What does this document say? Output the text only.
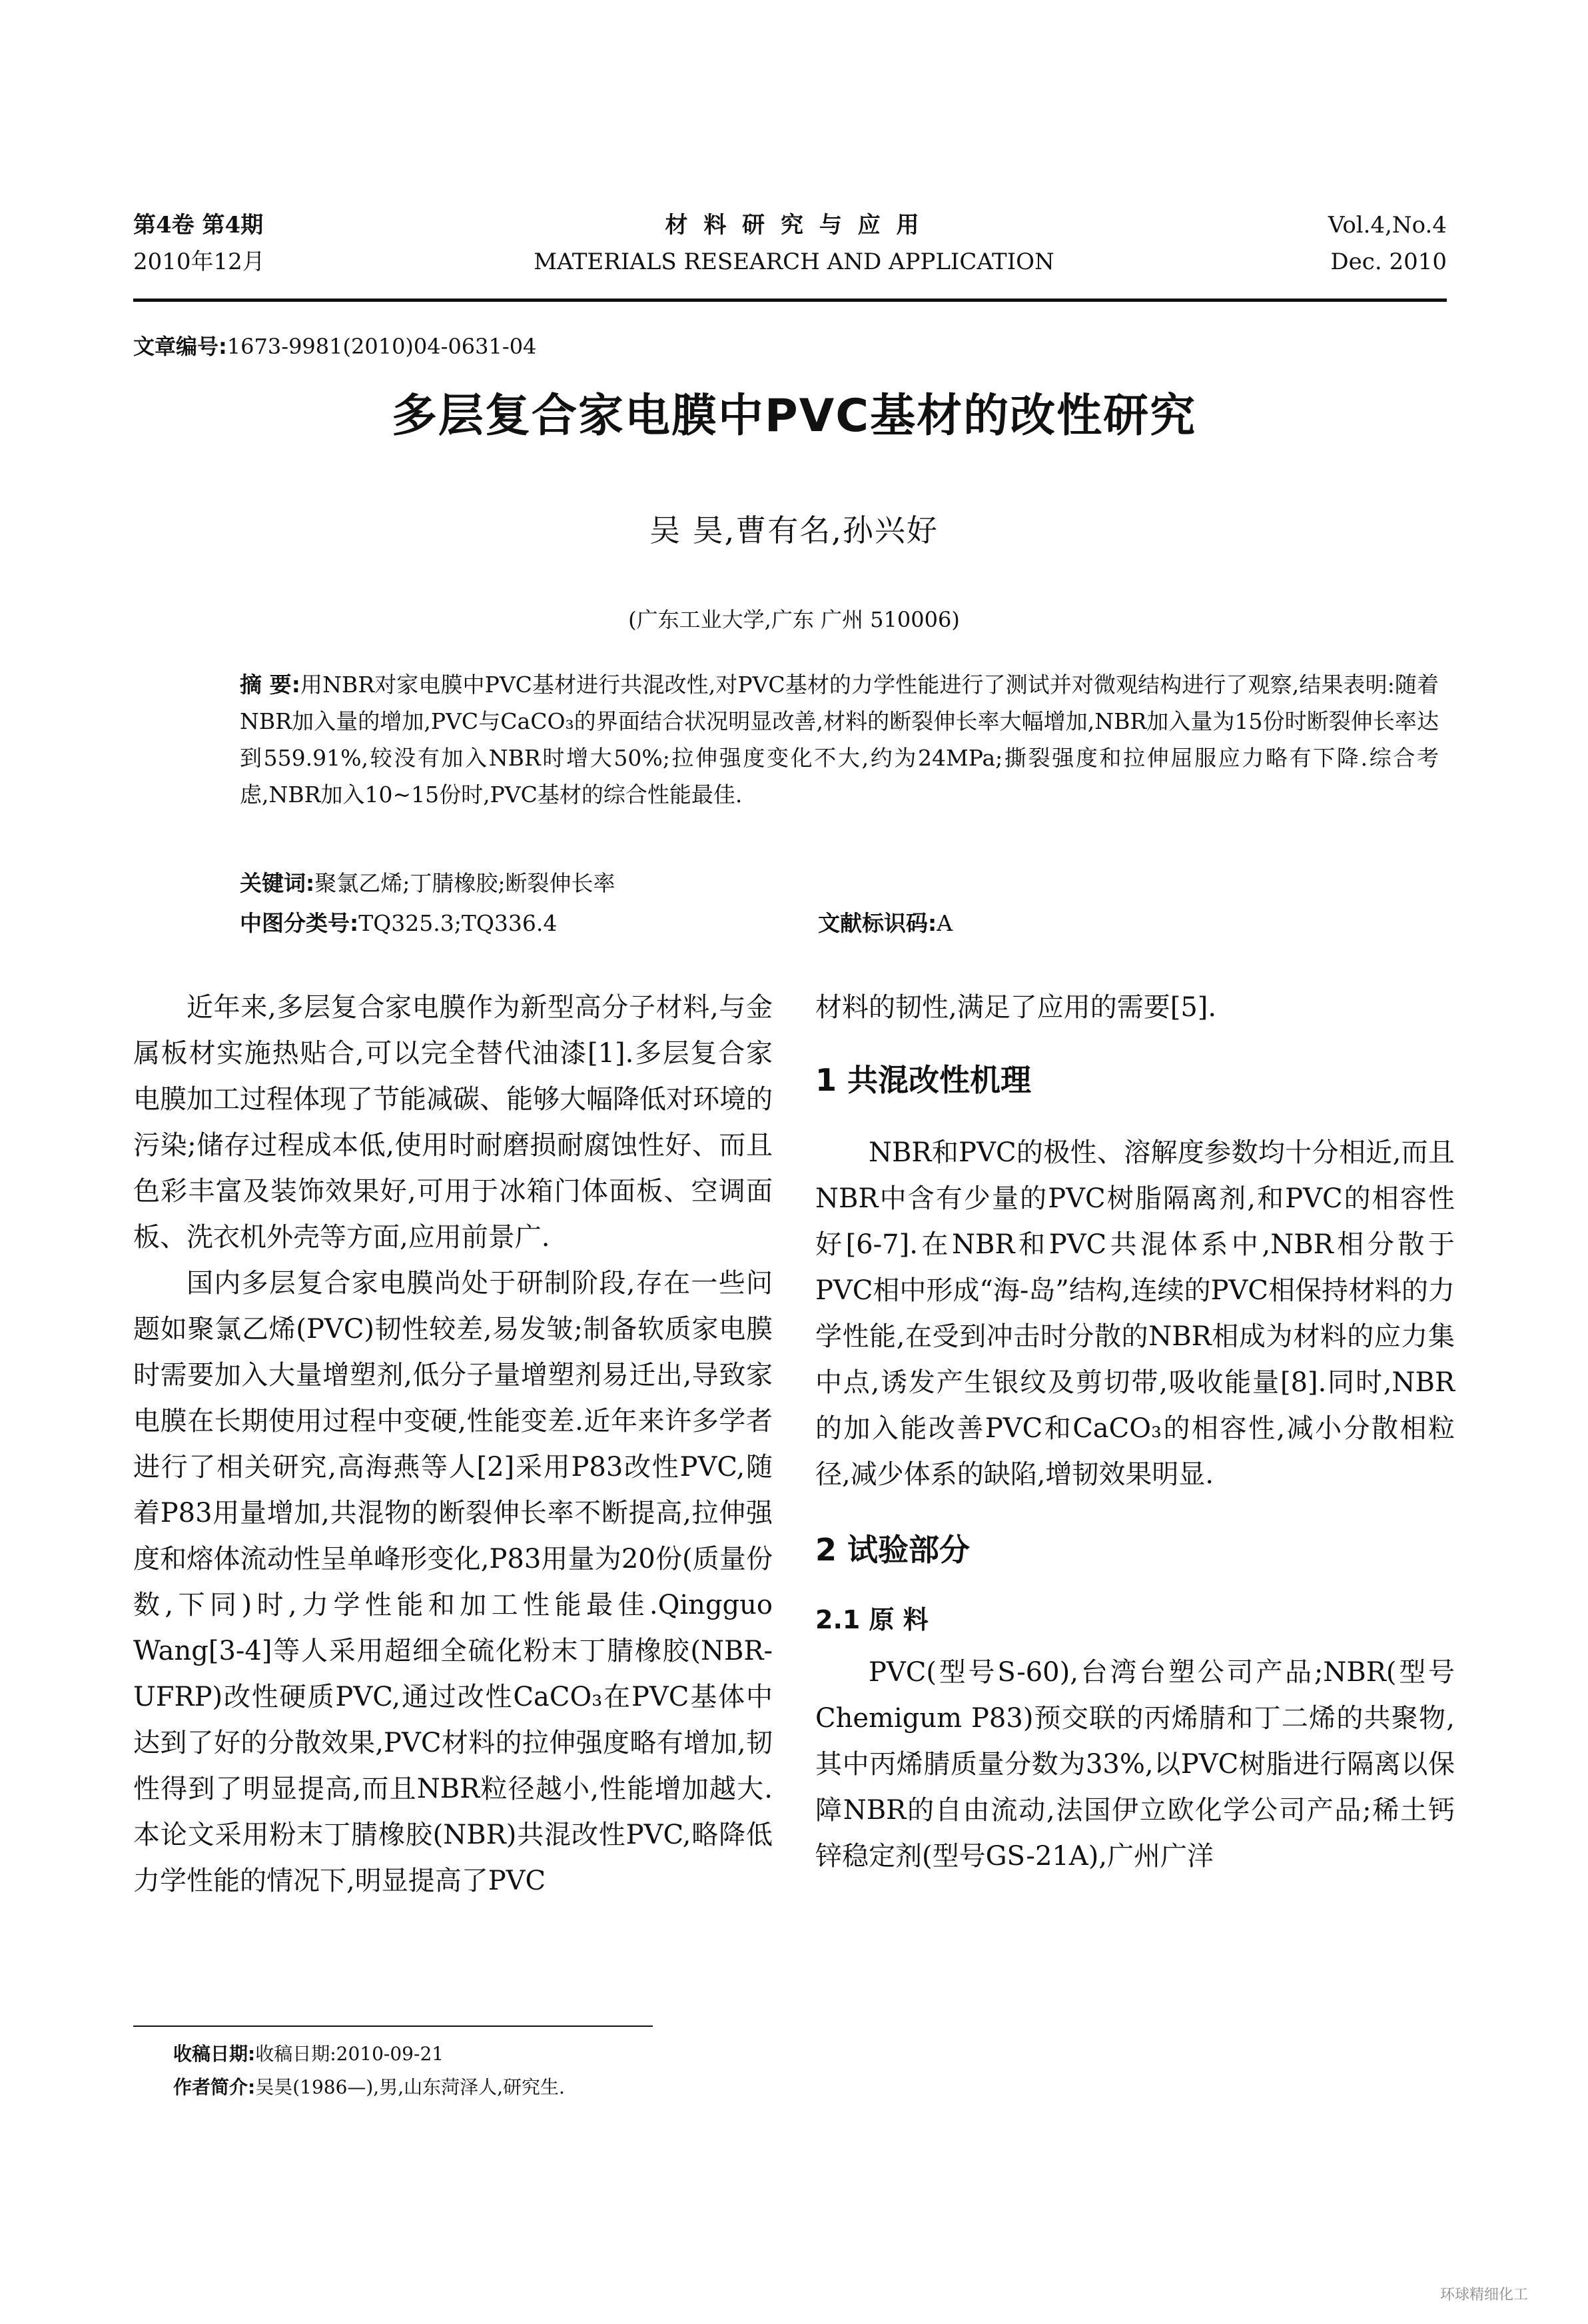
第4卷 第4期
2010年12月
材 料 研 究 与 应 用
MATERIALS RESEARCH AND APPLICATION
Vol.4,No.4
Dec. 2010
文章编号:1673-9981(2010)04-0631-04
多层复合家电膜中PVC基材的改性研究
吴 昊,曹有名,孙兴好
(广东工业大学,广东 广州 510006)
摘 要:用NBR对家电膜中PVC基材进行共混改性,对PVC基材的力学性能进行了测试并对微观结构进行了观察,结果表明:随着NBR加入量的增加,PVC与CaCO₃的界面结合状况明显改善,材料的断裂伸长率大幅增加,NBR加入量为15份时断裂伸长率达到559.91%,较没有加入NBR时增大50%;拉伸强度变化不大,约为24MPa;撕裂强度和拉伸屈服应力略有下降.综合考虑,NBR加入10~15份时,PVC基材的综合性能最佳.
关键词:聚氯乙烯;丁腈橡胶;断裂伸长率
中图分类号:TQ325.3;TQ336.4	文献标识码:A

近年来,多层复合家电膜作为新型高分子材料,与金属板材实施热贴合,可以完全替代油漆[1].多层复合家电膜加工过程体现了节能减碳、能够大幅降低对环境的污染;储存过程成本低,使用时耐磨损耐腐蚀性好、而且色彩丰富及装饰效果好,可用于冰箱门体面板、空调面板、洗衣机外壳等方面,应用前景广.

国内多层复合家电膜尚处于研制阶段,存在一些问题如聚氯乙烯(PVC)韧性较差,易发皱;制备软质家电膜时需要加入大量增塑剂,低分子量增塑剂易迁出,导致家电膜在长期使用过程中变硬,性能变差.近年来许多学者进行了相关研究,高海燕等人[2]采用P83改性PVC,随着P83用量增加,共混物的断裂伸长率不断提高,拉伸强度和熔体流动性呈单峰形变化,P83用量为20份(质量份数,下同)时,力学性能和加工性能最佳.Qingguo Wang[3-4]等人采用超细全硫化粉末丁腈橡胶(NBR-UFRP)改性硬质PVC,通过改性CaCO₃在PVC基体中达到了好的分散效果,PVC材料的拉伸强度略有增加,韧性得到了明显提高,而且NBR粒径越小,性能增加越大.本论文采用粉末丁腈橡胶(NBR)共混改性PVC,略降低力学性能的情况下,明显提高了PVC

材料的韧性,满足了应用的需要[5].

1 共混改性机理

NBR和PVC的极性、溶解度参数均十分相近,而且NBR中含有少量的PVC树脂隔离剂,和PVC的相容性好[6-7].在NBR和PVC共混体系中,NBR相分散于PVC相中形成“海-岛”结构,连续的PVC相保持材料的力学性能,在受到冲击时分散的NBR相成为材料的应力集中点,诱发产生银纹及剪切带,吸收能量[8].同时,NBR的加入能改善PVC和CaCO₃的相容性,减小分散相粒径,减少体系的缺陷,增韧效果明显.

2 试验部分
2.1 原 料

PVC(型号S-60),台湾台塑公司产品;NBR(型号Chemigum P83)预交联的丙烯腈和丁二烯的共聚物,其中丙烯腈质量分数为33%,以PVC树脂进行隔离以保障NBR的自由流动,法国伊立欧化学公司产品;稀土钙锌稳定剂(型号GS-21A),广州广洋

收稿日期:收稿日期:2010-09-21
作者简介:吴昊(1986—),男,山东菏泽人,研究生.
环球精细化工
